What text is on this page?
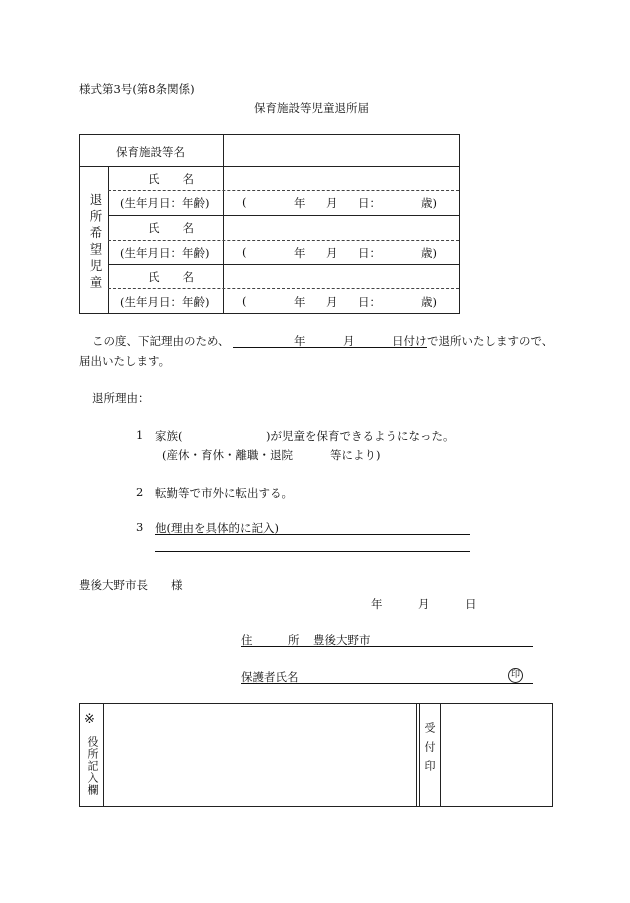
様式第3号(第8条関係)
保育施設等児童退所届
保育施設等名
退所希望児童
氏　　名
(生年月日：年齢)	(	年 月 日：	歳)
氏　　名
(生年月日：年齢)	(	年 月 日：	歳)
氏　　名
(生年月日：年齢)	(	年 月 日：	歳)
この度、下記理由のため、	年	月	日付け で退所いたしますので、
届出いたします。
退所理由：
1 家族(	)が児童を保育できるようになった。
(産休・育休・離職・退院	等により)
2 転勤等で市外に転出する。
3 他(理由を具体的に記入)
豊後大野市長　　様
年	月	日
住	所 豊後大野市
保護者氏名	印
※
役所記入欄	受付印
